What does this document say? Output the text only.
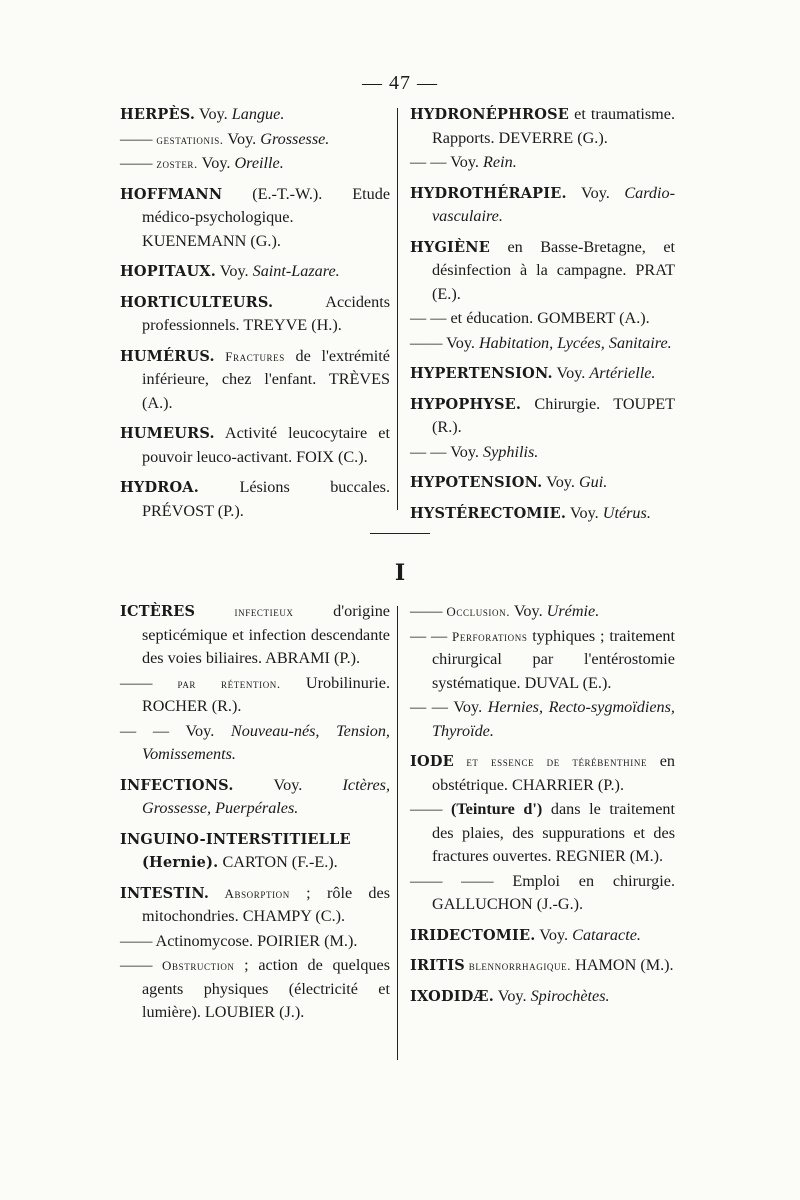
— 47 —

HERPÈS. Voy. Langue.

—— gestationis. Voy. Grossesse.

—— zoster. Voy. Oreille.

HOFFMANN (E.-T.-W.). Etude médico-psychologique. KUENEMANN (G.).

HOPITAUX. Voy. Saint-Lazare.

HORTICULTEURS. Accidents professionnels. TREYVE (H.).

HUMÉRUS. Fractures de l'extrémité inférieure, chez l'enfant. TRÈVES (A.).

HUMEURS. Activité leucocytaire et pouvoir leuco-activant. FOIX (C.).

HYDROA. Lésions buccales. PRÉVOST (P.).

HYDRONÉPHROSE et traumatisme. Rapports. DEVERRE (G.).

— — Voy. Rein.

HYDROTHÉRAPIE. Voy. Cardio-vasculaire.

HYGIÈNE en Basse-Bretagne, et désinfection à la campagne. PRAT (E.).

— — et éducation. GOMBERT (A.).

—— Voy. Habitation, Lycées, Sanitaire.

HYPERTENSION. Voy. Artérielle.

HYPOPHYSE. Chirurgie. TOUPET (R.).

— — Voy. Syphilis.

HYPOTENSION. Voy. Gui.

HYSTÉRECTOMIE. Voy. Utérus.

I

ICTÈRES infectieux d'origine septicémique et infection descendante des voies biliaires. ABRAMI (P.).

—— par rétention. Urobilinurie. ROCHER (R.).

— — Voy. Nouveau-nés, Tension, Vomissements.

INFECTIONS. Voy. Ictères, Grossesse, Puerpérales.

INGUINO-INTERSTITIELLE (Hernie). CARTON (F.-E.).

INTESTIN. Absorption ; rôle des mitochondries. CHAMPY (C.).

—— Actinomycose. POIRIER (M.).

—— Obstruction ; action de quelques agents physiques (électricité et lumière). LOUBIER (J.).

—— Occlusion. Voy. Urémie.

— — Perforations typhiques ; traitement chirurgical par l'entérostomie systématique. DUVAL (E.).

— — Voy. Hernies, Recto-sygmoïdiens, Thyroïde.

IODE et essence de térébenthine en obstétrique. CHARRIER (P.).

—— (Teinture d') dans le traitement des plaies, des suppurations et des fractures ouvertes. REGNIER (M.).

—— —— Emploi en chirurgie. GALLUCHON (J.-G.).

IRIDECTOMIE. Voy. Cataracte.

IRITIS blennorrhagique. HAMON (M.).

IXODIDÆ. Voy. Spirochètes.
